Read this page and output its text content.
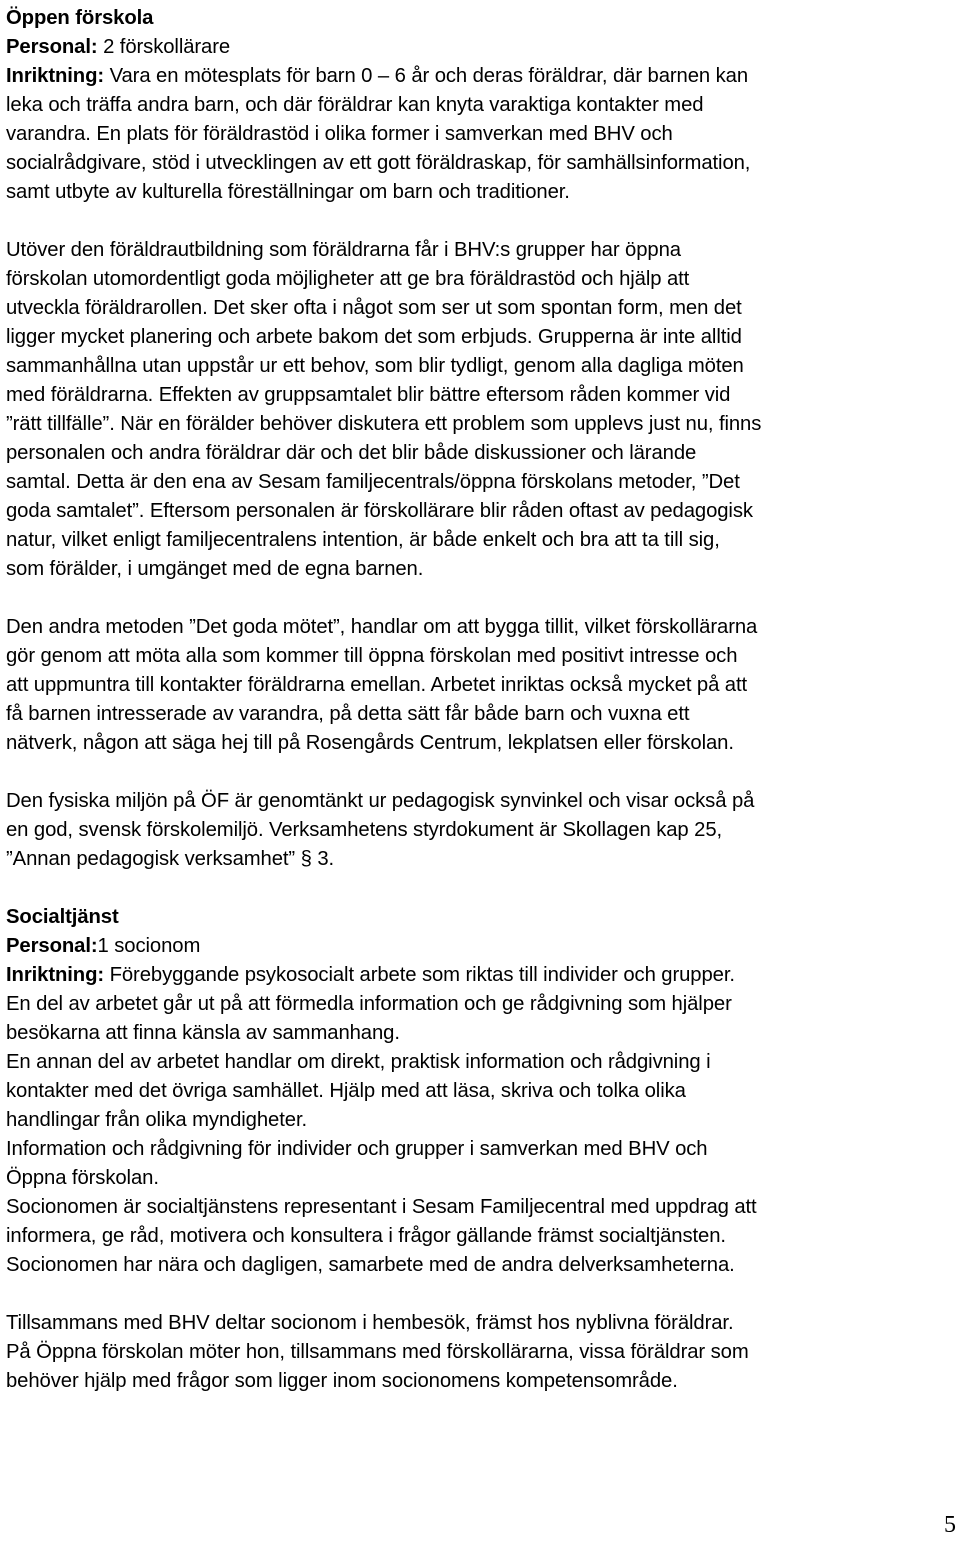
Öppen förskola

Personal: 2 förskollärare

Inriktning: Vara en mötesplats för barn 0 – 6 år och deras föräldrar, där barnen kan

leka och träffa andra barn, och där föräldrar kan knyta varaktiga kontakter med

varandra. En plats för föräldrastöd i olika former i samverkan med BHV och

socialrådgivare, stöd i utvecklingen av ett gott föräldraskap, för samhällsinformation,

samt utbyte av kulturella föreställningar om barn och traditioner.

Utöver den föräldrautbildning som föräldrarna får i BHV:s grupper har öppna

förskolan utomordentligt goda möjligheter att ge bra föräldrastöd och hjälp att

utveckla föräldrarollen. Det sker ofta i något som ser ut som spontan form, men det

ligger mycket planering och arbete bakom det som erbjuds. Grupperna är inte alltid

sammanhållna utan uppstår ur ett behov, som blir tydligt, genom alla dagliga möten

med föräldrarna. Effekten av gruppsamtalet blir bättre eftersom råden kommer vid

”rätt tillfälle”. När en förälder behöver diskutera ett problem som upplevs just nu, finns

personalen och andra föräldrar där och det blir både diskussioner och lärande

samtal. Detta är den ena av Sesam familjecentrals/öppna förskolans metoder, ”Det

goda samtalet”. Eftersom personalen är förskollärare blir råden oftast av pedagogisk

natur, vilket enligt familjecentralens intention, är både enkelt och bra att ta till sig,

som förälder, i umgänget med de egna barnen.

Den andra metoden ”Det goda mötet”, handlar om att bygga tillit, vilket förskollärarna

gör genom att möta alla som kommer till öppna förskolan med positivt intresse och

att uppmuntra till kontakter föräldrarna emellan. Arbetet inriktas också mycket på att

få barnen intresserade av varandra, på detta sätt får både barn och vuxna ett

nätverk, någon att säga hej till på Rosengårds Centrum, lekplatsen eller förskolan.

Den fysiska miljön på ÖF är genomtänkt ur pedagogisk synvinkel och visar också på

en god, svensk förskolemiljö. Verksamhetens styrdokument är Skollagen kap 25,

”Annan pedagogisk verksamhet” § 3.

Socialtjänst

Personal:1 socionom

Inriktning: Förebyggande psykosocialt arbete som riktas till individer och grupper.

En del av arbetet går ut på att förmedla information och ge rådgivning som hjälper

besökarna att finna känsla av sammanhang.

En annan del av arbetet handlar om direkt, praktisk information och rådgivning i

kontakter med det övriga samhället. Hjälp med att läsa, skriva och tolka olika

handlingar från olika myndigheter.

Information och rådgivning för individer och grupper i samverkan med BHV och

Öppna förskolan.

Socionomen är socialtjänstens representant i Sesam Familjecentral med uppdrag att

informera, ge råd, motivera och konsultera i frågor gällande främst socialtjänsten.

Socionomen har nära och dagligen, samarbete med de andra delverksamheterna.

Tillsammans med BHV deltar socionom i hembesök, främst hos nyblivna föräldrar.

På Öppna förskolan möter hon, tillsammans med förskollärarna, vissa föräldrar som

behöver hjälp med frågor som ligger inom socionomens kompetensområde.

5
